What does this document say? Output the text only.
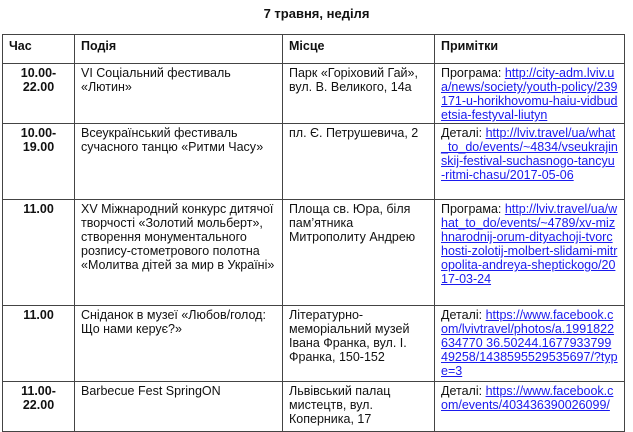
7 травня, неділя
Час	Подія	Місце	Примітки
10.00-
22.00	VI Соціальний фестиваль «Лютин»	Парк «Горіховий Гай», вул. В. Великого, 14а	Програма: http://city-adm.lviv.ua/news/society/youth-policy/239171-u-horikhovomu-haiu-vidbudetsia-festyval-liutyn
10.00-
19.00	Всеукраїнський фестиваль сучасного танцю «Ритми Часу»	пл. Є. Петрушевича, 2	Деталі: http://lviv.travel/ua/what_to_do/events/~4834/vseukrajinskij-festival-suchasnogo-tancyu-ritmi-chasu/2017-05-06
11.00	XV Міжнародний конкурс дитячої творчості «Золотий мольберт», створення монументального розпису-стометрового полотна «Молитва дітей за мир в Україні»	Площа св. Юра, біля пам’ятника Митрополиту Андрею	Програма: http://lviv.travel/ua/what_to_do/events/~4789/xv-mizhnarodnij-orum-dityachoji-tvorchosti-zolotij-molbert-slidami-mitropolita-andreya-sheptickogo/2017-03-24
11.00	Сніданок в музеї «Любов/голод: Що нами керує?»	Літературно-меморіальний музей Івана Франка, вул. І. Франка, 150-152	Деталі: https://www.facebook.com/lvivtravel/photos/a.1991822634770 36.50244.167793379949258/1438595529535697/?type=3
11.00-
22.00	Barbecue Fest SpringON	Львівський палац мистецтв, вул. Коперника, 17	Деталі: https://www.facebook.com/events/403436390026099/
